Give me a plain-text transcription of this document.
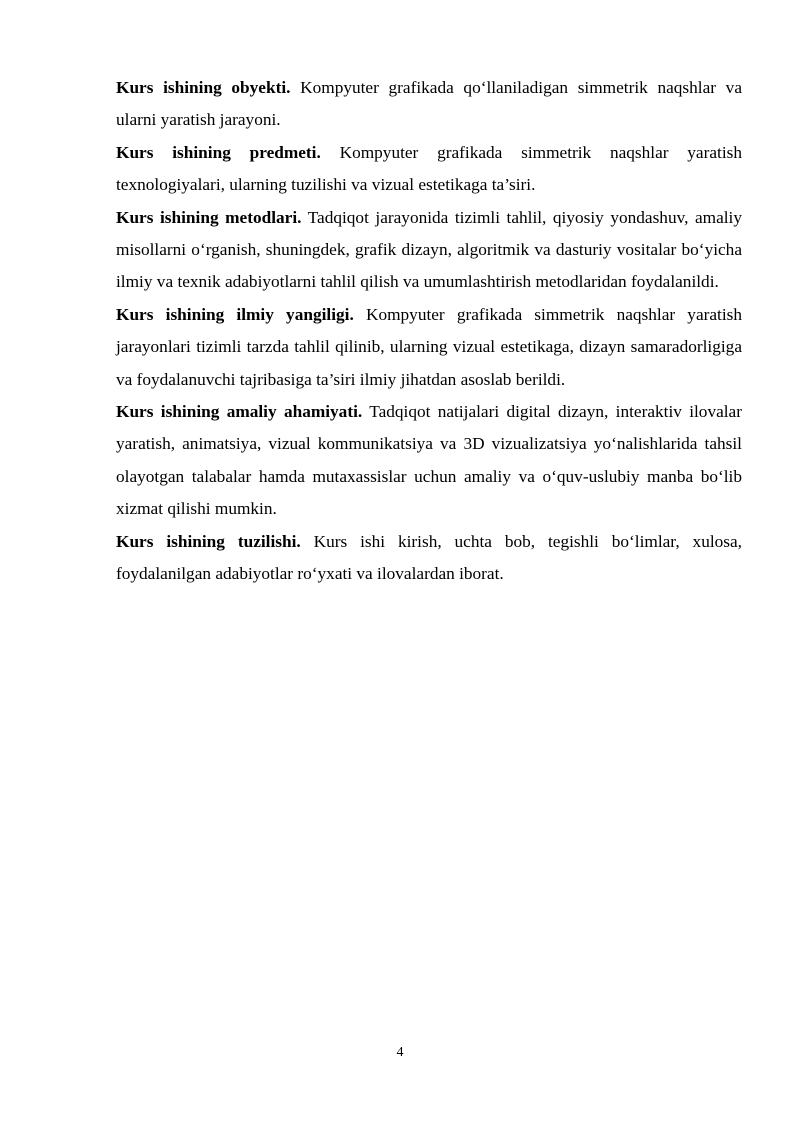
Kurs ishining obyekti. Kompyuter grafikada qo‘llaniladigan simmetrik naqshlar va ularni yaratish jarayoni.

Kurs ishining predmeti. Kompyuter grafikada simmetrik naqshlar yaratish texnologiyalari, ularning tuzilishi va vizual estetikaga ta’siri.

Kurs ishining metodlari. Tadqiqot jarayonida tizimli tahlil, qiyosiy yondashuv, amaliy misollarni o‘rganish, shuningdek, grafik dizayn, algoritmik va dasturiy vositalar bo‘yicha ilmiy va texnik adabiyotlarni tahlil qilish va umumlashtirish metodlaridan foydalanildi.

Kurs ishining ilmiy yangiligi. Kompyuter grafikada simmetrik naqshlar yaratish jarayonlari tizimli tarzda tahlil qilinib, ularning vizual estetikaga, dizayn samaradorligiga va foydalanuvchi tajribasiga ta’siri ilmiy jihatdan asoslab berildi.

Kurs ishining amaliy ahamiyati. Tadqiqot natijalari digital dizayn, interaktiv ilovalar yaratish, animatsiya, vizual kommunikatsiya va 3D vizualizatsiya yo‘nalishlarida tahsil olayotgan talabalar hamda mutaxassislar uchun amaliy va o‘quv-uslubiy manba bo‘lib xizmat qilishi mumkin.

Kurs ishining tuzilishi. Kurs ishi kirish, uchta bob, tegishli bo‘limlar, xulosa, foydalanilgan adabiyotlar ro‘yxati va ilovalardan iborat.

4
